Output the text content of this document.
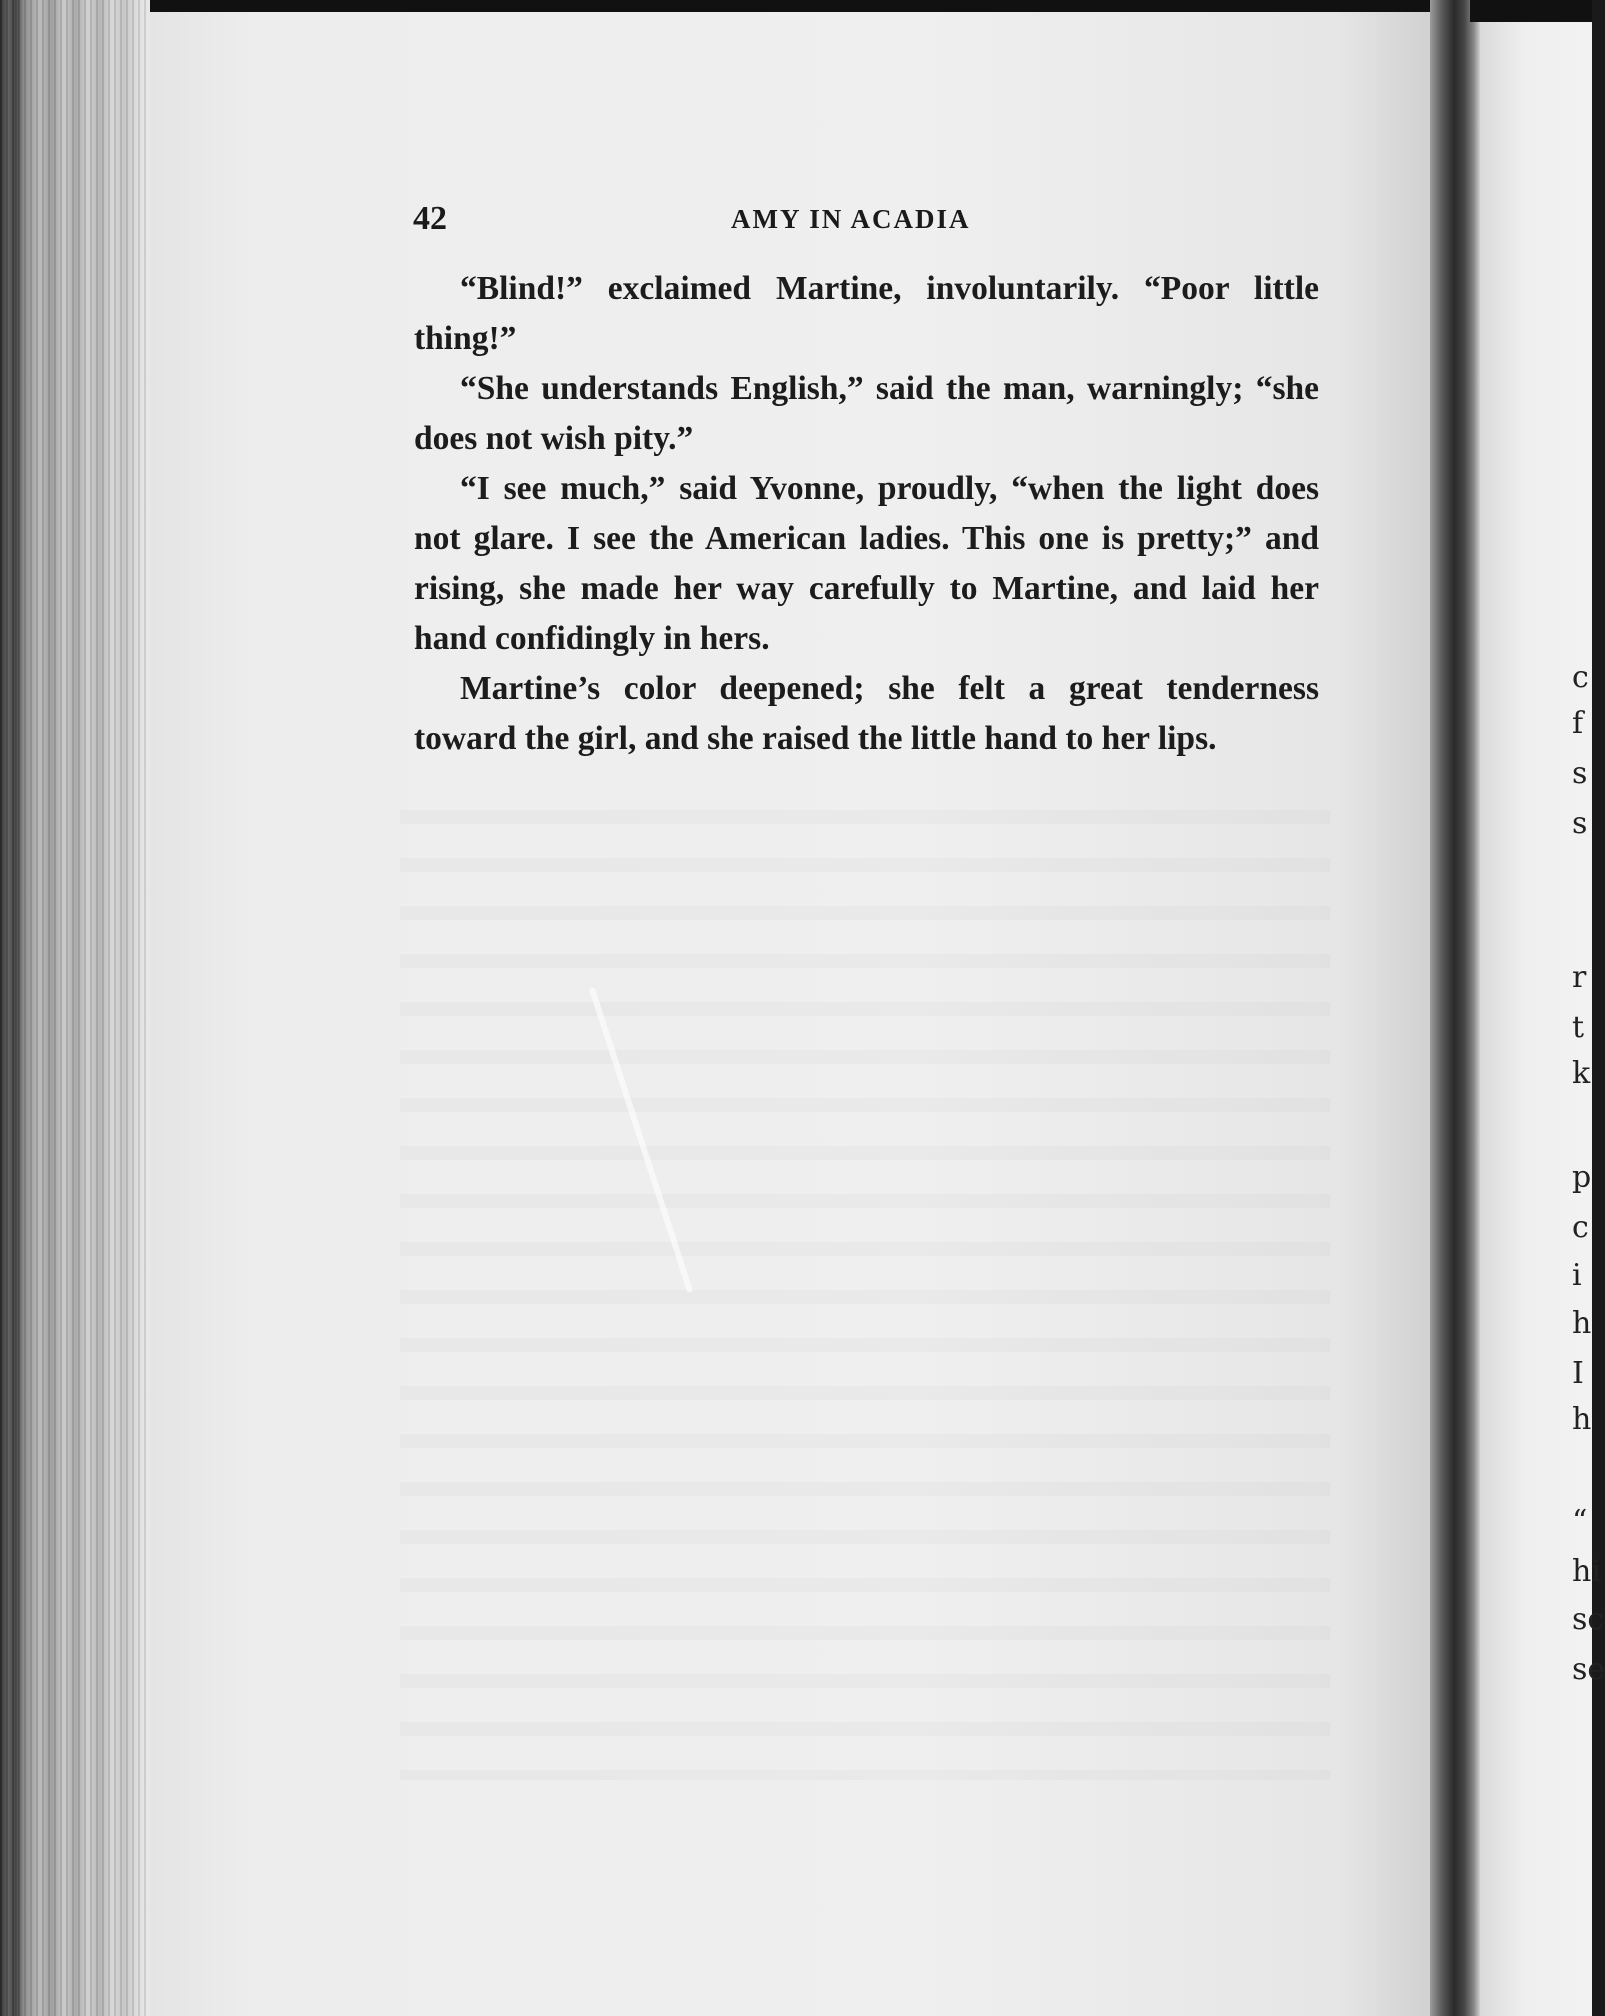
42	AMY IN ACADIA

“Blind!” exclaimed Martine, involuntarily. “Poor little thing!”

“She understands English,” said the man, warningly; “she does not wish pity.”

“I see much,” said Yvonne, proudly, “when the light does not glare. I see the American ladies. This one is pretty;” and rising, she made her way carefully to Martine, and laid her hand confidingly in hers.

Martine’s color deepened; she felt a great tenderness toward the girl, and she raised the little hand to her lips.

c
f
s
s
r
t
k
p
c
i
h
I
h
“
hi
sc
se
